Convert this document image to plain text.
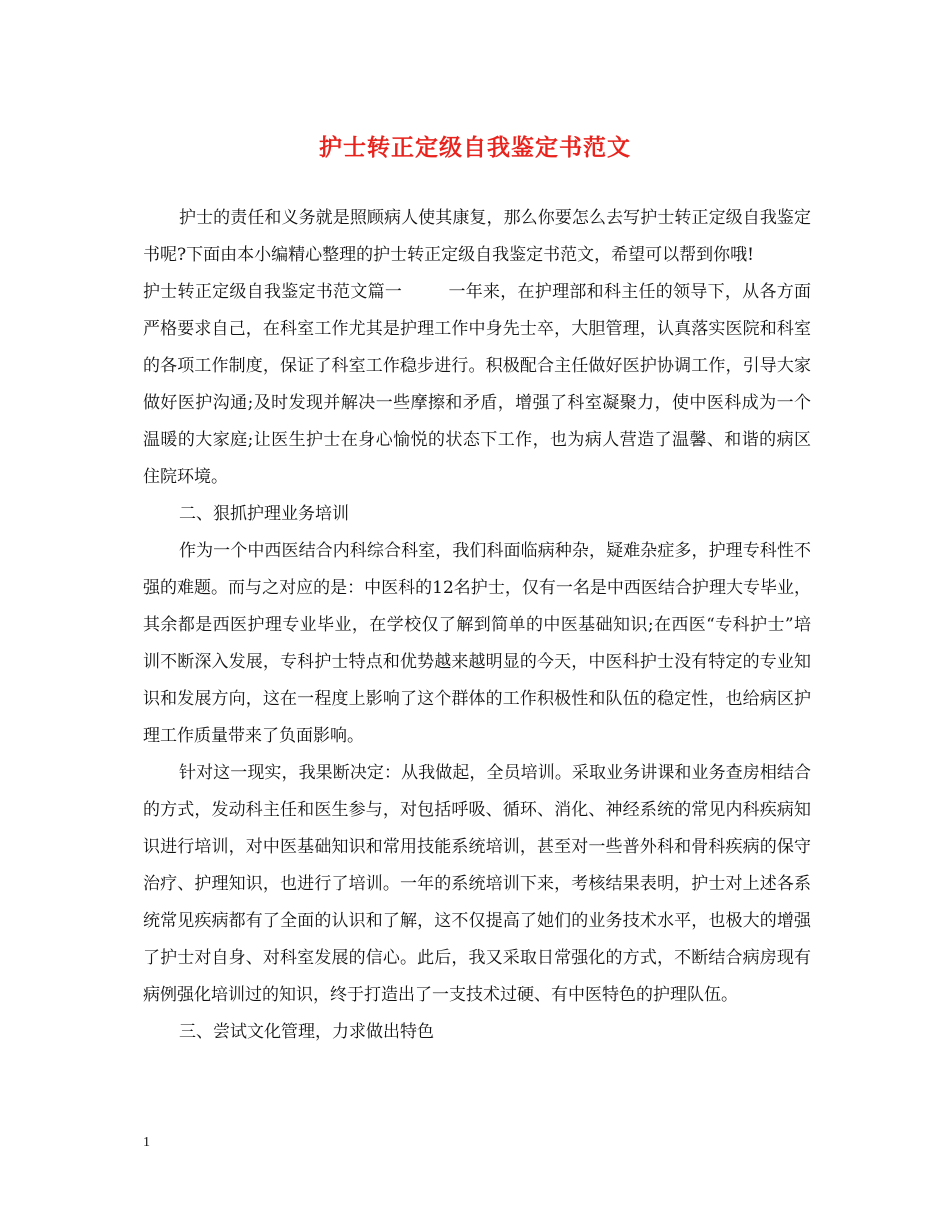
护士转正定级自我鉴定书范文

护士的责任和义务就是照顾病人使其康复，那么你要怎么去写护士转正定级自我鉴定书呢?下面由本小编精心整理的护士转正定级自我鉴定书范文，希望可以帮到你哦!

护士转正定级自我鉴定书范文篇一	一年来，在护理部和科主任的领导下，从各方面严格要求自己，在科室工作尤其是护理工作中身先士卒，大胆管理，认真落实医院和科室的各项工作制度，保证了科室工作稳步进行。积极配合主任做好医护协调工作，引导大家做好医护沟通;及时发现并解决一些摩擦和矛盾，增强了科室凝聚力，使中医科成为一个温暖的大家庭;让医生护士在身心愉悦的状态下工作，也为病人营造了温馨、和谐的病区住院环境。

二、狠抓护理业务培训

作为一个中西医结合内科综合科室，我们科面临病种杂，疑难杂症多，护理专科性不强的难题。而与之对应的是：中医科的12名护士，仅有一名是中西医结合护理大专毕业，其余都是西医护理专业毕业，在学校仅了解到简单的中医基础知识;在西医“专科护士”培训不断深入发展，专科护士特点和优势越来越明显的今天，中医科护士没有特定的专业知识和发展方向，这在一程度上影响了这个群体的工作积极性和队伍的稳定性，也给病区护理工作质量带来了负面影响。

针对这一现实，我果断决定：从我做起，全员培训。采取业务讲课和业务查房相结合的方式，发动科主任和医生参与，对包括呼吸、循环、消化、神经系统的常见内科疾病知识进行培训，对中医基础知识和常用技能系统培训，甚至对一些普外科和骨科疾病的保守治疗、护理知识，也进行了培训。一年的系统培训下来，考核结果表明，护士对上述各系统常见疾病都有了全面的认识和了解，这不仅提高了她们的业务技术水平，也极大的增强了护士对自身、对科室发展的信心。此后，我又采取日常强化的方式，不断结合病房现有病例强化培训过的知识，终于打造出了一支技术过硬、有中医特色的护理队伍。

三、尝试文化管理，力求做出特色

1
